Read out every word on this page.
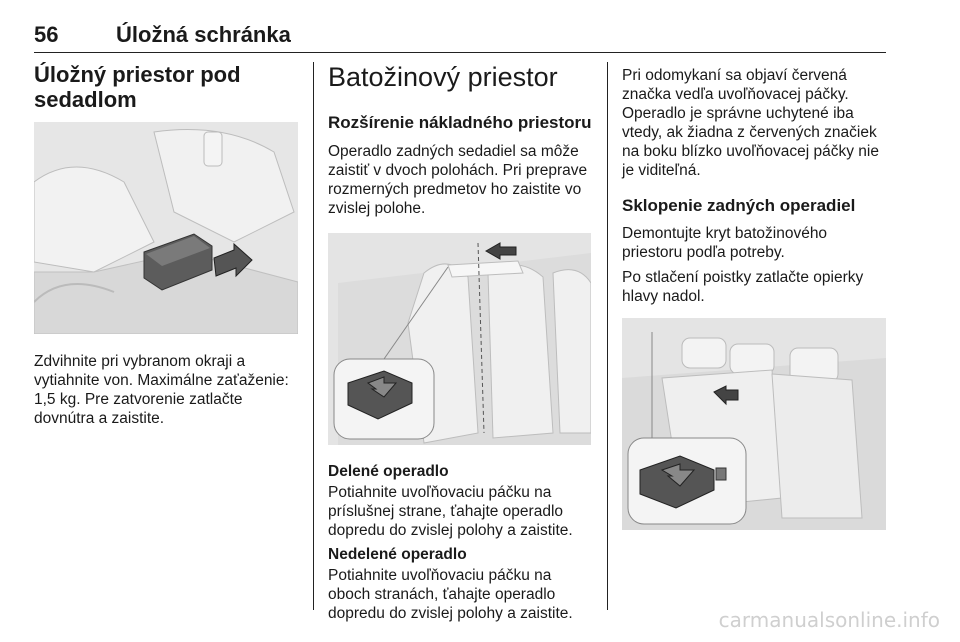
56	Úložná schránka
Úložný priestor pod sedadlom

Zdvihnite pri vybranom okraji a vytiahnite von. Maximálne zaťaženie: 1,5 kg. Pre zatvorenie zatlačte dovnútra a zaistite.

Batožinový priestor
Rozšírenie nákladného priestoru

Operadlo zadných sedadiel sa môže zaistiť v dvoch polohách. Pri preprave rozmerných predmetov ho zaistite vo zvislej polohe.

Delené operadlo

Potiahnite uvoľňovaciu páčku na príslušnej strane, ťahajte operadlo dopredu do zvislej polohy a zaistite.

Nedelené operadlo

Potiahnite uvoľňovaciu páčku na oboch stranách, ťahajte operadlo dopredu do zvislej polohy a zaistite.

Pri odomykaní sa objaví červená značka vedľa uvoľňovacej páčky. Operadlo je správne uchytené iba vtedy, ak žiadna z červených značiek na boku blízko uvoľňovacej páčky nie je viditeľná.

Sklopenie zadných operadiel

Demontujte kryt batožinového priestoru podľa potreby.

Po stlačení poistky zatlačte opierky hlavy nadol.

carmanualsonline.info
